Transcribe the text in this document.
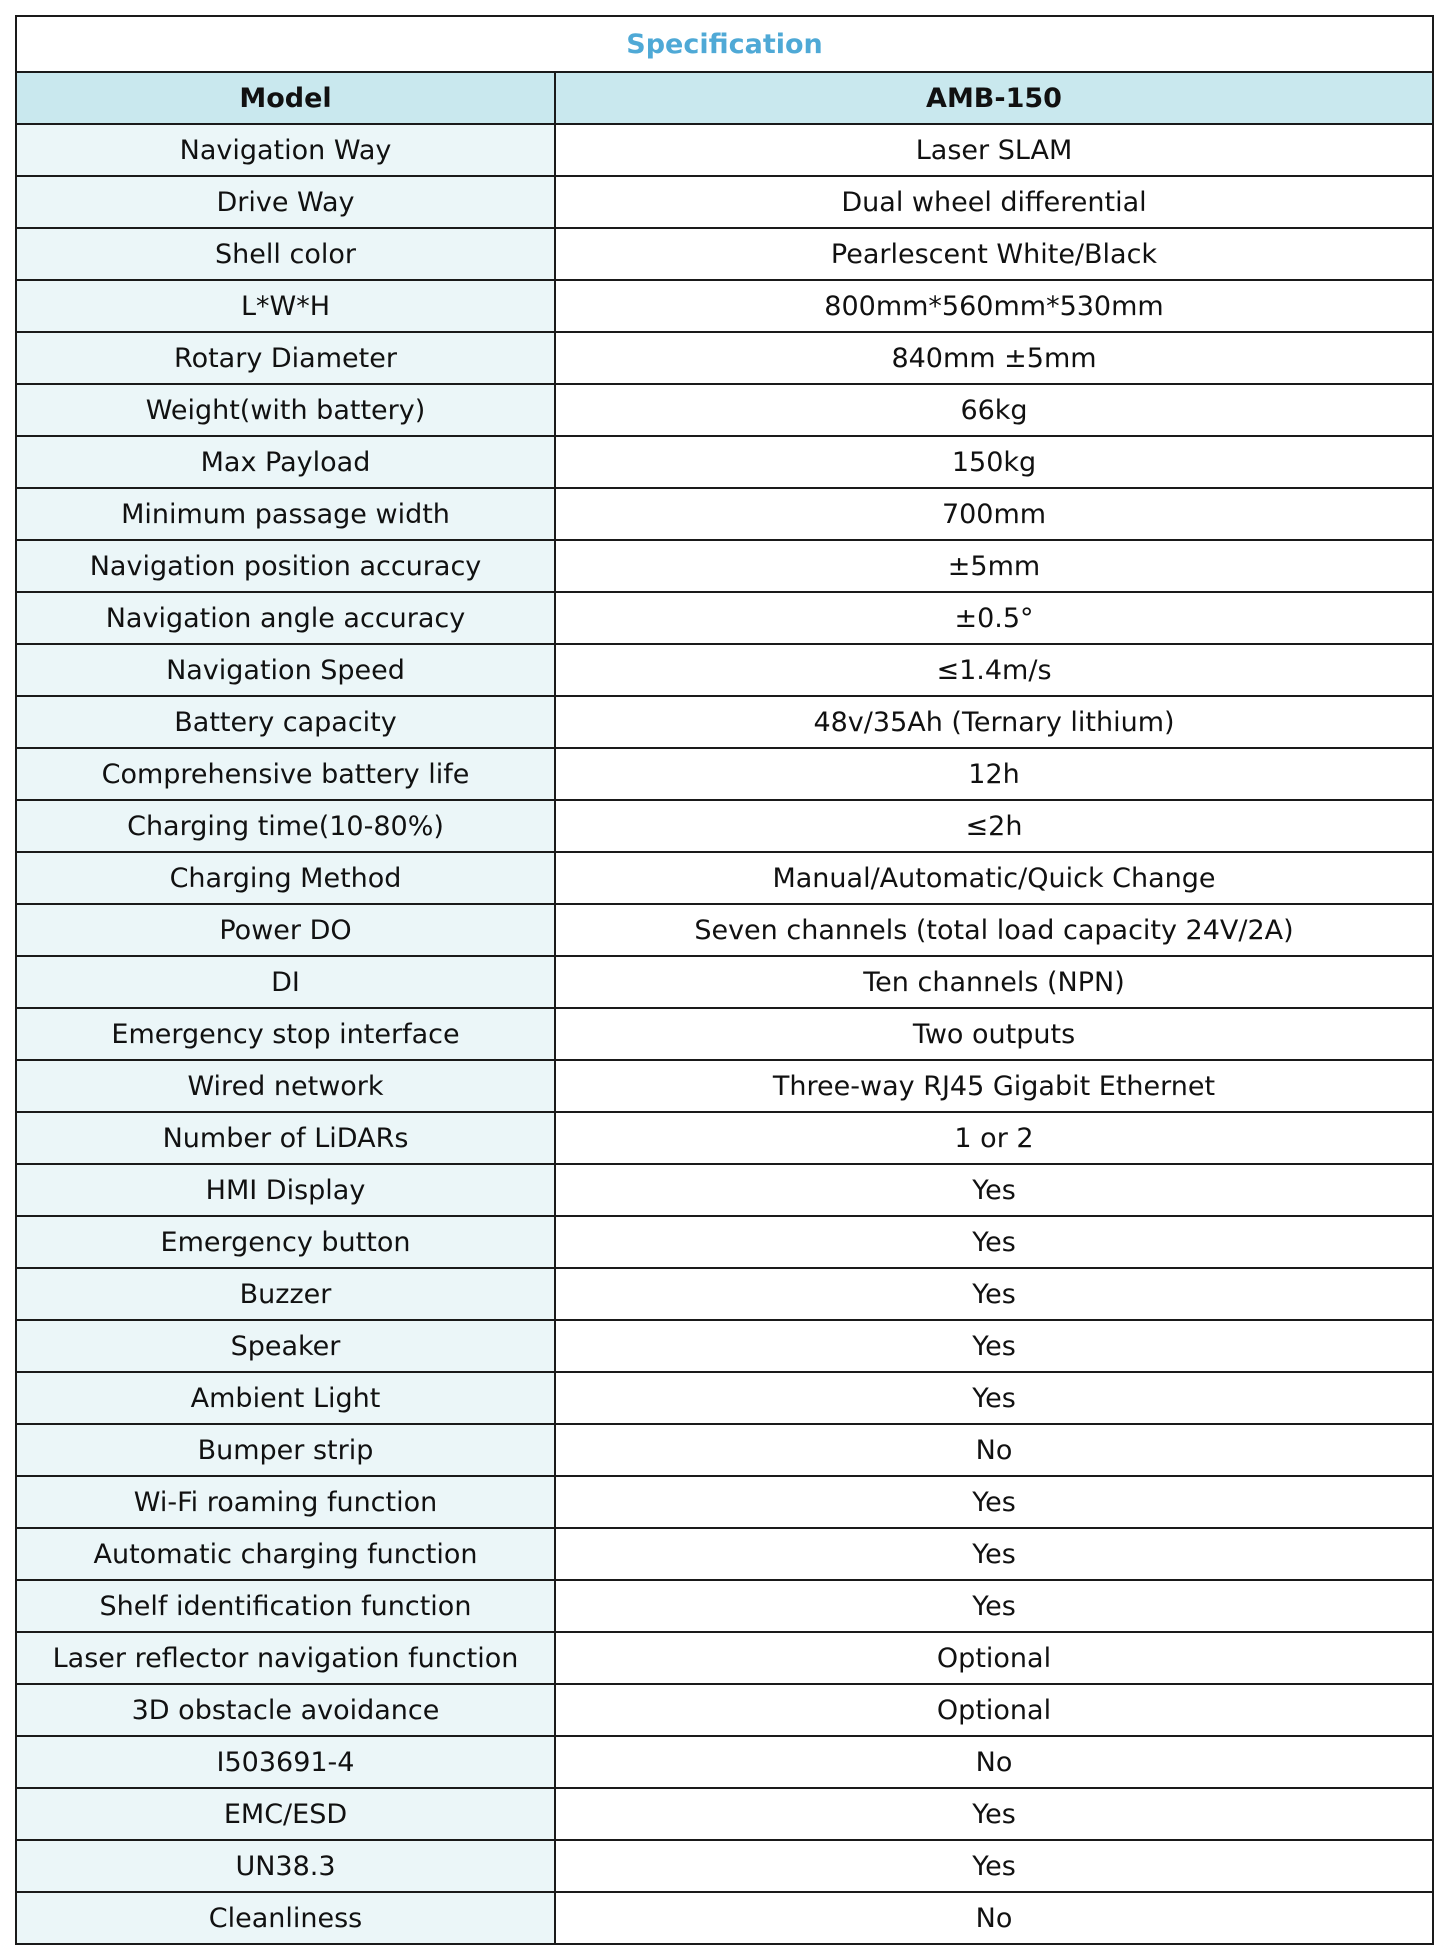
Specification	
Model	AMB-150
Navigation Way	Laser SLAM
Drive Way	Dual wheel differential
Shell color	Pearlescent White/Black
L*W*H	800mm*560mm*530mm
Rotary Diameter	840mm ±5mm
Weight(with battery)	66kg
Max Payload	150kg
Minimum passage width	700mm
Navigation position accuracy	±5mm
Navigation angle accuracy	±0.5°
Navigation Speed	≤1.4m/s
Battery capacity	48v/35Ah (Ternary lithium)
Comprehensive battery life	12h
Charging time(10-80%)	≤2h
Charging Method	Manual/Automatic/Quick Change
Power DO	Seven channels (total load capacity 24V/2A)
DI	Ten channels (NPN)
Emergency stop interface	Two outputs
Wired network	Three-way RJ45 Gigabit Ethernet
Number of LiDARs	1 or 2
HMI Display	Yes
Emergency button	Yes
Buzzer	Yes
Speaker	Yes
Ambient Light	Yes
Bumper strip	No
Wi-Fi roaming function	Yes
Automatic charging function	Yes
Shelf identification function	Yes
Laser reflector navigation function	Optional
3D obstacle avoidance	Optional
I503691-4	No
EMC/ESD	Yes
UN38.3	Yes
Cleanliness	No
